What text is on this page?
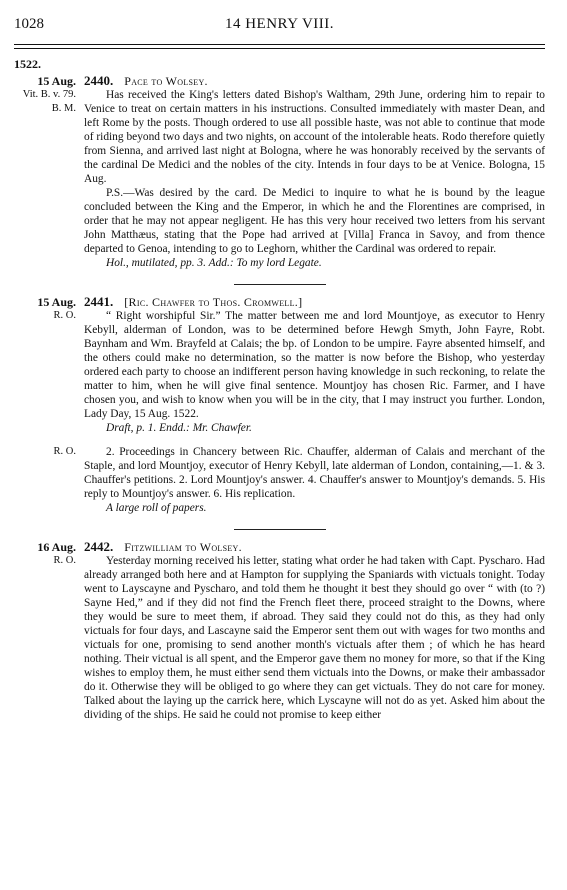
1028	14 HENRY VIII.
1522.
15 Aug.
Vit. B. v. 79.
B. M.
2440. Pace to Wolsey.

Has received the King's letters dated Bishop's Waltham, 29th June, ordering him to repair to Venice to treat on certain matters in his instructions. Consulted immediately with master Dean, and left Rome by the posts. Though ordered to use all possible haste, was not able to continue that mode of riding beyond two days and two nights, on account of the intolerable heats. Rodo therefore quietly from Sienna, and arrived last night at Bologna, where he was honorably received by the servants of the cardinal De Medici and the nobles of the city. Intends in four days to be at Venice. Bologna, 15 Aug.

P.S.—Was desired by the card. De Medici to inquire to what he is bound by the league concluded between the King and the Emperor, in which he and the Florentines are comprised, in order that he may not appear negligent. He has this very hour received two letters from his servant John Matthæus, stating that the Pope had arrived at [Villa] Franca in Savoy, and from thence departed to Genoa, intending to go to Leghorn, whither the Cardinal was ordered to repair.

Hol., mutilated, pp. 3. Add.: To my lord Legate.

15 Aug.
R. O.
2441. [Ric. Chawfer to Thos. Cromwell.]

“ Right worshipful Sir.” The matter between me and lord Mountjoye, as executor to Henry Kebyll, alderman of London, was to be determined before Hewgh Smyth, John Fayre, Robt. Baynham and Wm. Brayfeld at Calais; the bp. of London to be umpire. Fayre absented himself, and the others could make no determination, so the matter is now before the Bishop, who yesterday ordered each party to choose an indifferent person having knowledge in such reckoning, to relate the matter to him, when he will give final sentence. Mountjoy has chosen Ric. Farmer, and I have chosen you, and wish to know when you will be in the city, that I may instruct you further. London, Lady Day, 15 Aug. 1522.

Draft, p. 1. Endd.: Mr. Chawfer.

R. O.	2. Proceedings in Chancery between Ric. Chauffer, alderman of Calais and merchant of the Staple, and lord Mountjoy, executor of Henry Kebyll, late alderman of London, containing,—1. & 3. Chauffer's petitions. 2. Lord Mountjoy's answer. 4. Chauffer's answer to Mountjoy's demands. 5. His reply to Mountjoy's answer. 6. His replication.

A large roll of papers.

16 Aug.
R. O.
2442. Fitzwilliam to Wolsey.

Yesterday morning received his letter, stating what order he had taken with Capt. Pyscharo. Had already arranged both here and at Hampton for supplying the Spaniards with victuals tonight. Today went to Layscayne and Pyscharo, and told them he thought it best they should go over “ with (to ?) Sayne Hed,” and if they did not find the French fleet there, proceed straight to the Downs, where they would be sure to meet them, if abroad. They said they could not do this, as they had only victuals for four days, and Lascayne said the Emperor sent them out with wages for two months and victuals for one, promising to send another month's victuals after them ; of which he has heard nothing. Their victual is all spent, and the Emperor gave them no money for more, so that if the King wishes to employ them, he must either send them victuals into the Downs, or make their ambassador do it. Otherwise they will be obliged to go where they can get victuals. They do not care for money. Talked about the laying up the carrick here, which Lyscayne will not do as yet. Asked him about the dividing of the ships. He said he could not promise to keep either
